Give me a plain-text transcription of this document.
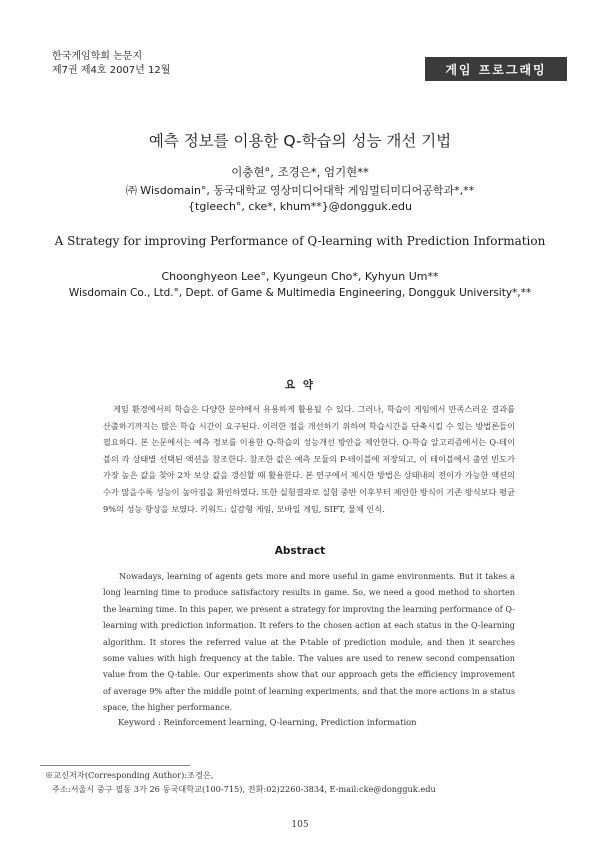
한국게임학회 논문지
제7권 제4호 2007년 12월	게임 프로그래밍
예측 정보를 이용한 Q-학습의 성능 개선 기법
이충현°, 조경은*, 엄기현**
㈜ Wisdomain°, 동국대학교 영상미디어대학 게임멀티미디어공학과*,**
{tgleech°, cke*, khum**}@dongguk.edu
A Strategy for improving Performance of Q-learning with Prediction Information
Choonghyeon Lee°, Kyungeun Cho*, Kyhyun Um**
Wisdomain Co., Ltd.°, Dept. of Game & Multimedia Engineering, Dongguk University*,**
요 약
게임 환경에서의 학습은 다양한 분야에서 유용하게 활용될 수 있다. 그러나, 학습이 게임에서 만족스러운 결과를 산출하기까지는 많은 학습 시간이 요구된다. 이러한 점을 개선하기 위하여 학습시간을 단축시킬 수 있는 방법론들이 필요하다. 본 논문에서는 예측 정보를 이용한 Q-학습의 성능개선 방안을 제안한다. Q-학습 알고리즘에서는 Q-테이블의 각 상태별 선택된 액션을 참조한다. 참조한 값은 예측 모듈의 P-테이블에 저장되고, 이 테이블에서 출연 빈도가 가장 높은 값을 찾아 2차 보상 값을 갱신할 때 활용한다. 본 연구에서 제시한 방법은 상태내의 전이가 가능한 액션의 수가 많을수록 성능이 높아짐을 확인하였다. 또한 실험결과로 실험 중반 이후부터 제안한 방식이 기존 방식보다 평균 9%의 성능 향상을 보였다. 키워드: 실감형 게임, 모바일 게임, SIFT, 물체 인식.
Abstract
Nowadays, learning of agents gets more and more useful in game environments. But it takes a long learning time to produce satisfactory results in game. So, we need a good method to shorten the learning time. In this paper, we present a strategy for improving the learning performance of Q-learning with prediction information. It refers to the chosen action at each status in the Q-learning algorithm. It stores the referred value at the P-table of prediction module, and then it searches some values with high frequency at the table. The values are used to renew second compensation value from the Q-table. Our experiments show that our approach gets the efficiency improvement of average 9% after the middle point of learning experiments, and that the more actions in a status space, the higher performance.
Keyword : Reinforcement learning, Q-learning, Prediction information
※교신저자(Corresponding Author):조경은,
주소:서울시 중구 필동 3가 26 동국대학교(100-715), 전화:02)2260-3834, E-mail:cke@dongguk.edu
105
